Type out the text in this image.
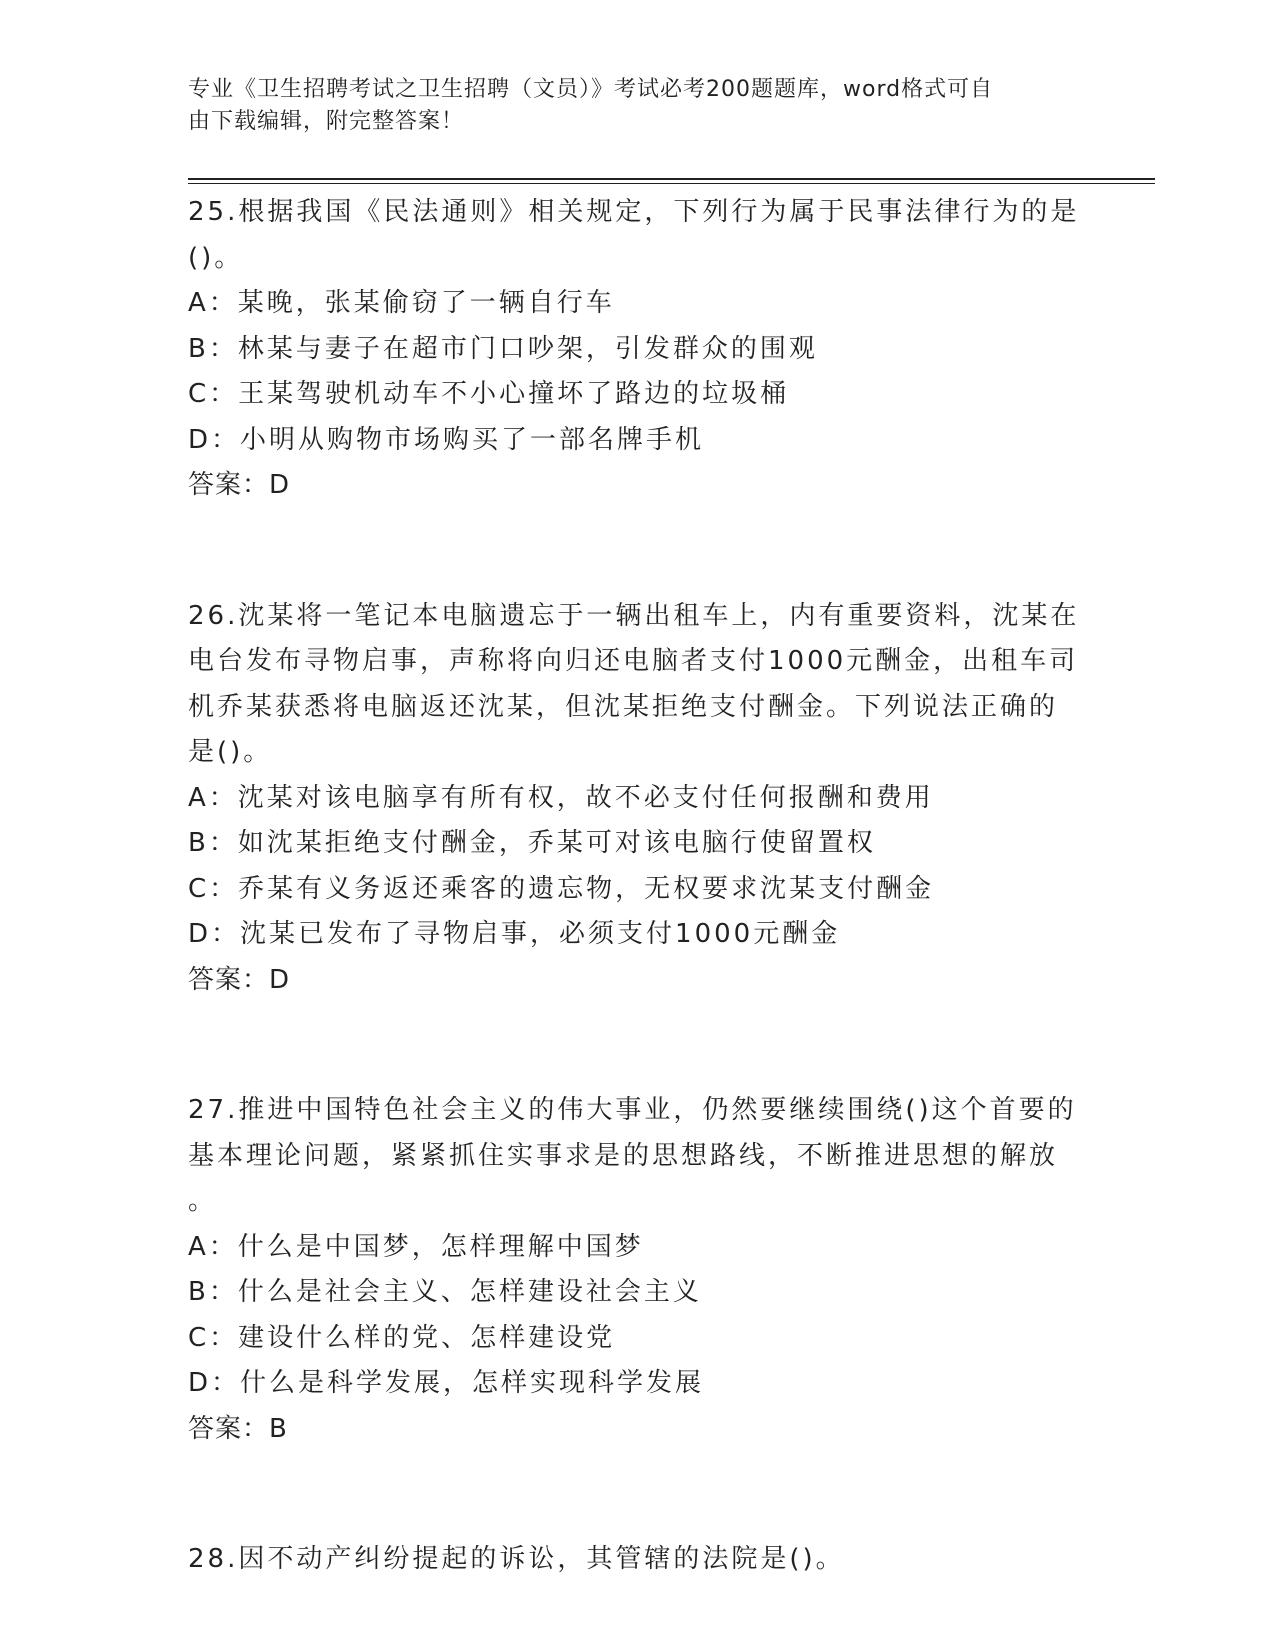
专业《卫生招聘考试之卫生招聘（文员）》考试必考200题题库，word格式可自
由下载编辑，附完整答案！

25.根据我国《民法通则》相关规定，下列行为属于民事法律行为的是

()。

A：某晚，张某偷窃了一辆自行车

B：林某与妻子在超市门口吵架，引发群众的围观

C：王某驾驶机动车不小心撞坏了路边的垃圾桶

D：小明从购物市场购买了一部名牌手机

答案：D

26.沈某将一笔记本电脑遗忘于一辆出租车上，内有重要资料，沈某在

电台发布寻物启事，声称将向归还电脑者支付1000元酬金，出租车司

机乔某获悉将电脑返还沈某，但沈某拒绝支付酬金。下列说法正确的

是()。

A：沈某对该电脑享有所有权，故不必支付任何报酬和费用

B：如沈某拒绝支付酬金，乔某可对该电脑行使留置权

C：乔某有义务返还乘客的遗忘物，无权要求沈某支付酬金

D：沈某已发布了寻物启事，必须支付1000元酬金

答案：D

27.推进中国特色社会主义的伟大事业，仍然要继续围绕()这个首要的

基本理论问题，紧紧抓住实事求是的思想路线，不断推进思想的解放

。

A：什么是中国梦，怎样理解中国梦

B：什么是社会主义、怎样建设社会主义

C：建设什么样的党、怎样建设党

D：什么是科学发展，怎样实现科学发展

答案：B

28.因不动产纠纷提起的诉讼，其管辖的法院是()。
